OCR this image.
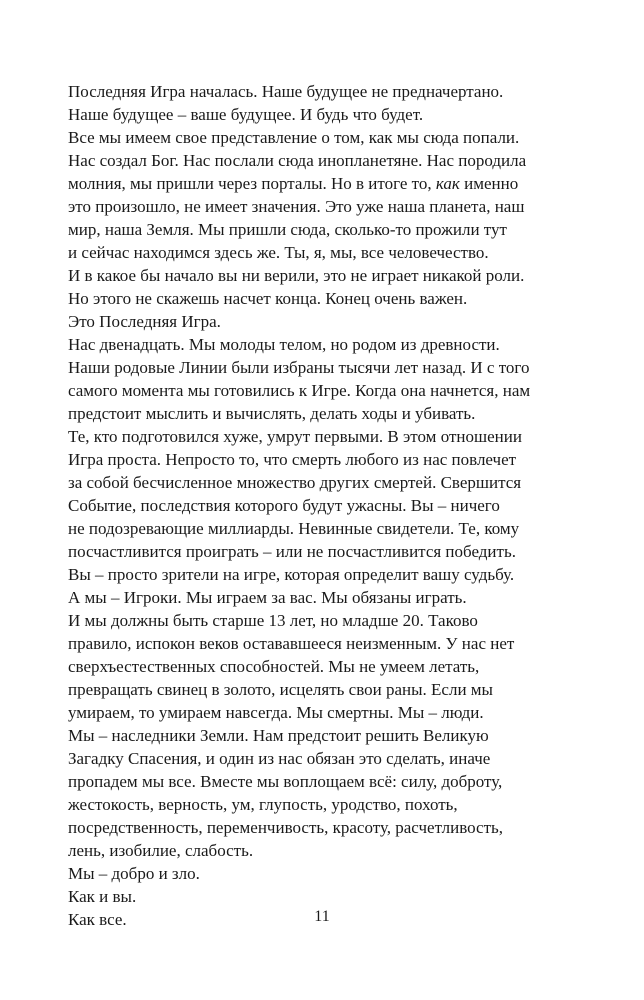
Последняя Игра началась. Наше будущее не предначертано.
Наше будущее – ваше будущее. И будь что будет.
Все мы имеем свое представление о том, как мы сюда попали.
Нас создал Бог. Нас послали сюда инопланетяне. Нас породила
молния, мы пришли через порталы. Но в итоге то, как именно
это произошло, не имеет значения. Это уже наша планета, наш
мир, наша Земля. Мы пришли сюда, сколько-то прожили тут
и сейчас находимся здесь же. Ты, я, мы, все человечество.
И в какое бы начало вы ни верили, это не играет никакой роли.
Но этого не скажешь насчет конца. Конец очень важен.
Это Последняя Игра.
Нас двенадцать. Мы молоды телом, но родом из древности.
Наши родовые Линии были избраны тысячи лет назад. И с того
самого момента мы готовились к Игре. Когда она начнется, нам
предстоит мыслить и вычислять, делать ходы и убивать.
Те, кто подготовился хуже, умрут первыми. В этом отношении
Игра проста. Непросто то, что смерть любого из нас повлечет
за собой бесчисленное множество других смертей. Свершится
Событие, последствия которого будут ужасны. Вы – ничего
не подозревающие миллиарды. Невинные свидетели. Те, кому
посчастливится проиграть – или не посчастливится победить.
Вы – просто зрители на игре, которая определит вашу судьбу.
А мы – Игроки. Мы играем за вас. Мы обязаны играть.
И мы должны быть старше 13 лет, но младше 20. Таково
правило, испокон веков остававшееся неизменным. У нас нет
сверхъестественных способностей. Мы не умеем летать,
превращать свинец в золото, исцелять свои раны. Если мы
умираем, то умираем навсегда. Мы смертны. Мы – люди.
Мы – наследники Земли. Нам предстоит решить Великую
Загадку Спасения, и один из нас обязан это сделать, иначе
пропадем мы все. Вместе мы воплощаем всё: силу, доброту,
жестокость, верность, ум, глупость, уродство, похоть,
посредственность, переменчивость, красоту, расчетливость,
лень, изобилие, слабость.
Мы – добро и зло.
Как и вы.
Как все.	11
